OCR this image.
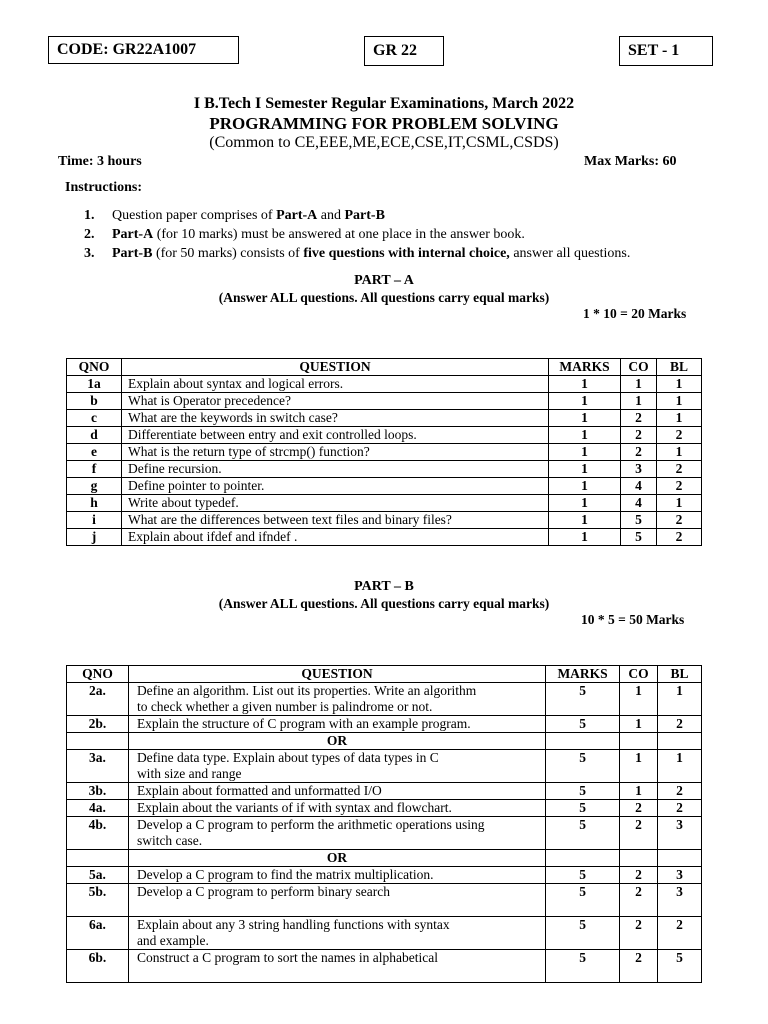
CODE : GR22A1007	GR 22	SET - 1
I B.Tech I Semester Regular Examinations, March 2022
PROGRAMMING FOR PROBLEM SOLVING
(Common to CE,EEE,ME,ECE,CSE,IT,CSML,CSDS)
Time: 3 hours	Max Marks: 60
Instructions:
1. Question paper comprises of Part-A and Part-B
2. Part-A (for 10 marks) must be answered at one place in the answer book.
3. Part-B (for 50 marks) consists of five questions with internal choice, answer all questions.
PART – A
(Answer ALL questions. All questions carry equal marks)
1 * 10 = 20 Marks
QNO	QUESTION	MARKS	CO	BL
1a	Explain about syntax and logical errors.	1	1	1
b	What is Operator precedence?	1	1	1
c	What are the keywords in switch case?	1	2	1
d	Differentiate between entry and exit controlled loops.	1	2	2
e	What is the return type of strcmp() function?	1	2	1
f	Define recursion.	1	3	2
g	Define pointer to pointer.	1	4	2
h	Write about typedef.	1	4	1
i	What are the differences between text files and binary files?	1	5	2
j	Explain about ifdef and ifndef .	1	5	2
PART – B
(Answer ALL questions. All questions carry equal marks)
10 * 5 = 50 Marks
QNO	QUESTION	MARKS	CO	BL
2a.	Define an algorithm. List out its properties. Write an algorithm
to check whether a given number is palindrome or not.	5	1	1
2b.	Explain the structure of C program with an example program.	5	1	2
	OR			
3a.	Define data type. Explain about types of data types in C
with size and range	5	1	1
3b.	Explain about formatted and unformatted I/O	5	1	2
4a.	Explain about the variants of if with syntax and flowchart.	5	2	2
4b.	Develop a C program to perform the arithmetic operations using
switch case.	5	2	3
	OR			
5a.	Develop a C program to find the matrix multiplication.	5	2	3
5b.	Develop a C program to perform binary search	5	2	3
6a.	Explain about any 3 string handling functions with syntax
and example.	5	2	2
6b.	Construct a C program to sort the names in alphabetical	5	2	5
